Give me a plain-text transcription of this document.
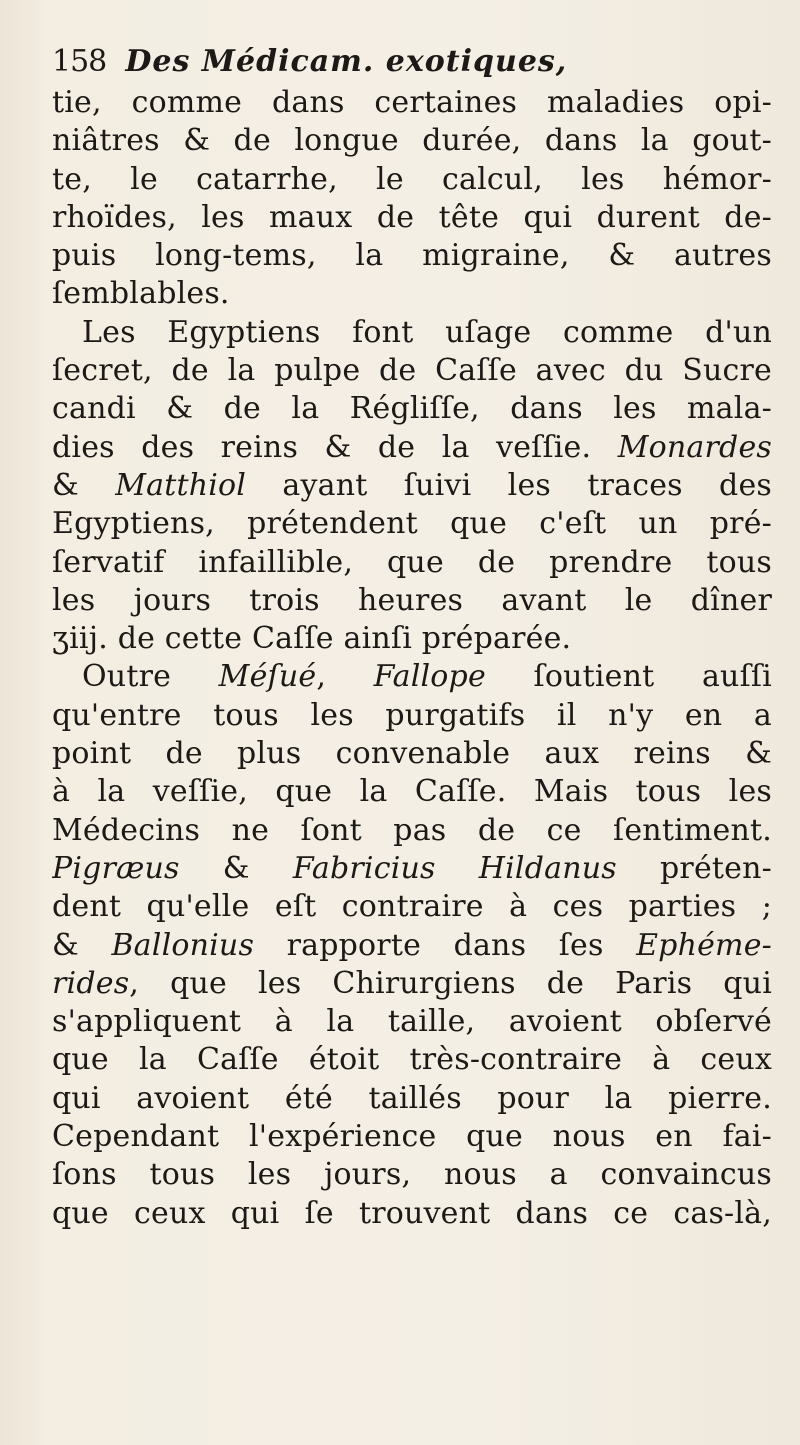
158 Des Médicam. exotiques,
tie, comme dans certaines maladies opi-
niâtres & de longue durée, dans la gout-
te, le catarrhe, le calcul, les hémor-
rhoïdes, les maux de tête qui durent de-
puis long-tems, la migraine, & autres
ſemblables.
Les Egyptiens font uſage comme d'un
ſecret, de la pulpe de Caſſe avec du Sucre
candi & de la Régliſſe, dans les mala-
dies des reins & de la veſſie. Monardes
& Matthiol ayant ſuivi les traces des
Egyptiens, prétendent que c'eſt un pré-
ſervatif infaillible, que de prendre tous
les jours trois heures avant le dîner
ʒiij. de cette Caſſe ainſi préparée.
Outre Méſué, Fallope ſoutient auſſi
qu'entre tous les purgatifs il n'y en a
point de plus convenable aux reins &
à la veſſie, que la Caſſe. Mais tous les
Médecins ne ſont pas de ce ſentiment.
Pigræus & Fabricius Hildanus préten-
dent qu'elle eſt contraire à ces parties ;
& Ballonius rapporte dans ſes Ephéme-
rides, que les Chirurgiens de Paris qui
s'appliquent à la taille, avoient obſervé
que la Caſſe étoit très-contraire à ceux
qui avoient été taillés pour la pierre.
Cependant l'expérience que nous en fai-
ſons tous les jours, nous a convaincus
que ceux qui ſe trouvent dans ce cas-là,
